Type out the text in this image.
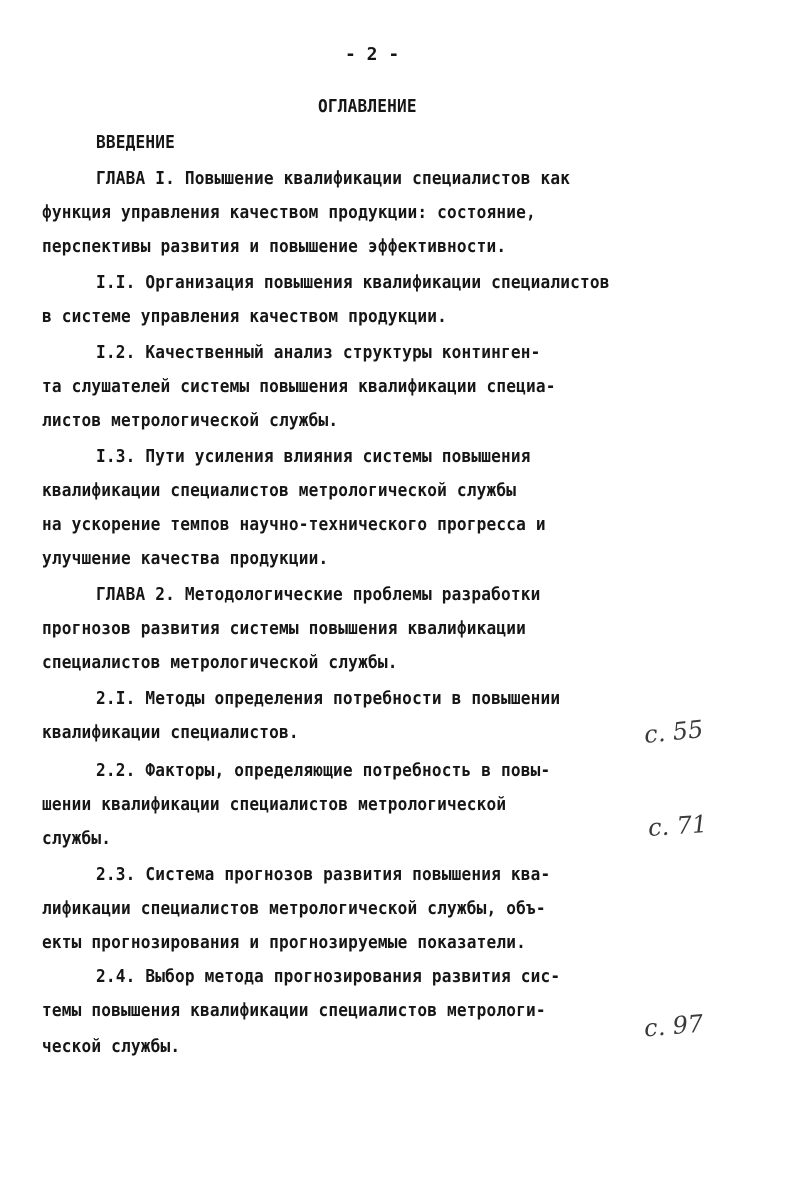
- 2 -
ОГЛАВЛЕНИЕ
ВВЕДЕНИЕ
ГЛАВА I. Повышение квалификации специалистов как
функция управления качеством продукции: состояние,
перспективы развития и повышение эффективности.
I.I. Организация повышения квалификации специалистов
в системе управления качеством продукции.
I.2. Качественный анализ структуры континген-
та слушателей системы повышения квалификации специа-
листов метрологической службы.
I.3. Пути усиления влияния системы повышения
квалификации специалистов метрологической службы
на ускорение темпов научно-технического прогресса и
улучшение качества продукции.
ГЛАВА 2. Методологические проблемы разработки
прогнозов развития системы повышения квалификации
специалистов метрологической службы.
2.I. Методы определения потребности в повышении
квалификации специалистов.
2.2. Факторы, определяющие потребность в повы-
шении квалификации специалистов метрологической
службы.
2.3. Система прогнозов развития повышения ква-
лификации специалистов метрологической службы, объ-
екты прогнозирования и прогнозируемые показатели.
2.4. Выбор метода прогнозирования развития сис-
темы повышения квалификации специалистов метрологи-
ческой службы.
с. 55
с. 71
с. 97
